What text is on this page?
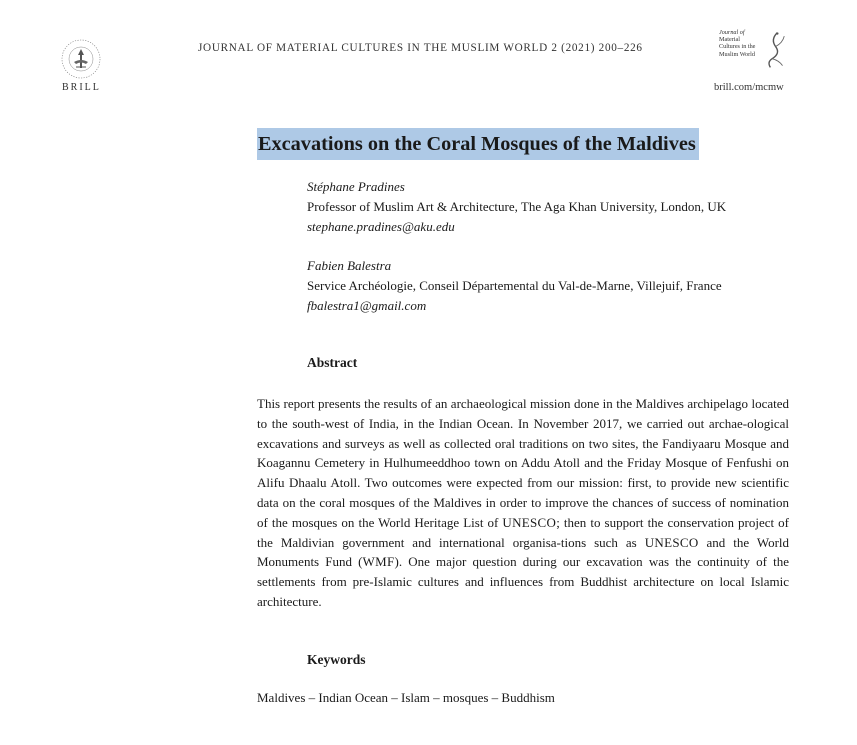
BRILL
JOURNAL OF MATERIAL CULTURES IN THE MUSLIM WORLD 2 (2021) 200–226
Journal of
Material
Cultures in the
Muslim World
brill.com/mcmw
Excavations on the Coral Mosques of the Maldives
Stéphane Pradines
Professor of Muslim Art & Architecture, The Aga Khan University, London, UK
stephane.pradines@aku.edu
Fabien Balestra
Service Archéologie, Conseil Départemental du Val-de-Marne, Villejuif, France
fbalestra1@gmail.com
Abstract
This report presents the results of an archaeological mission done in the Maldives archipelago located to the south-west of India, in the Indian Ocean. In November 2017, we carried out archae-ological excavations and surveys as well as collected oral traditions on two sites, the Fandiyaaru Mosque and Koagannu Cemetery in Hulhumeeddhoo town on Addu Atoll and the Friday Mosque of Fenfushi on Alifu Dhaalu Atoll. Two outcomes were expected from our mission: first, to provide new scientific data on the coral mosques of the Maldives in order to improve the chances of success of nomination of the mosques on the World Heritage List of UNESCO; then to support the conservation project of the Maldivian government and international organisa-tions such as UNESCO and the World Monuments Fund (WMF). One major question during our excavation was the continuity of the settlements from pre-Islamic cultures and influences from Buddhist architecture on local Islamic architecture.
Keywords
Maldives – Indian Ocean – Islam – mosques – Buddhism
